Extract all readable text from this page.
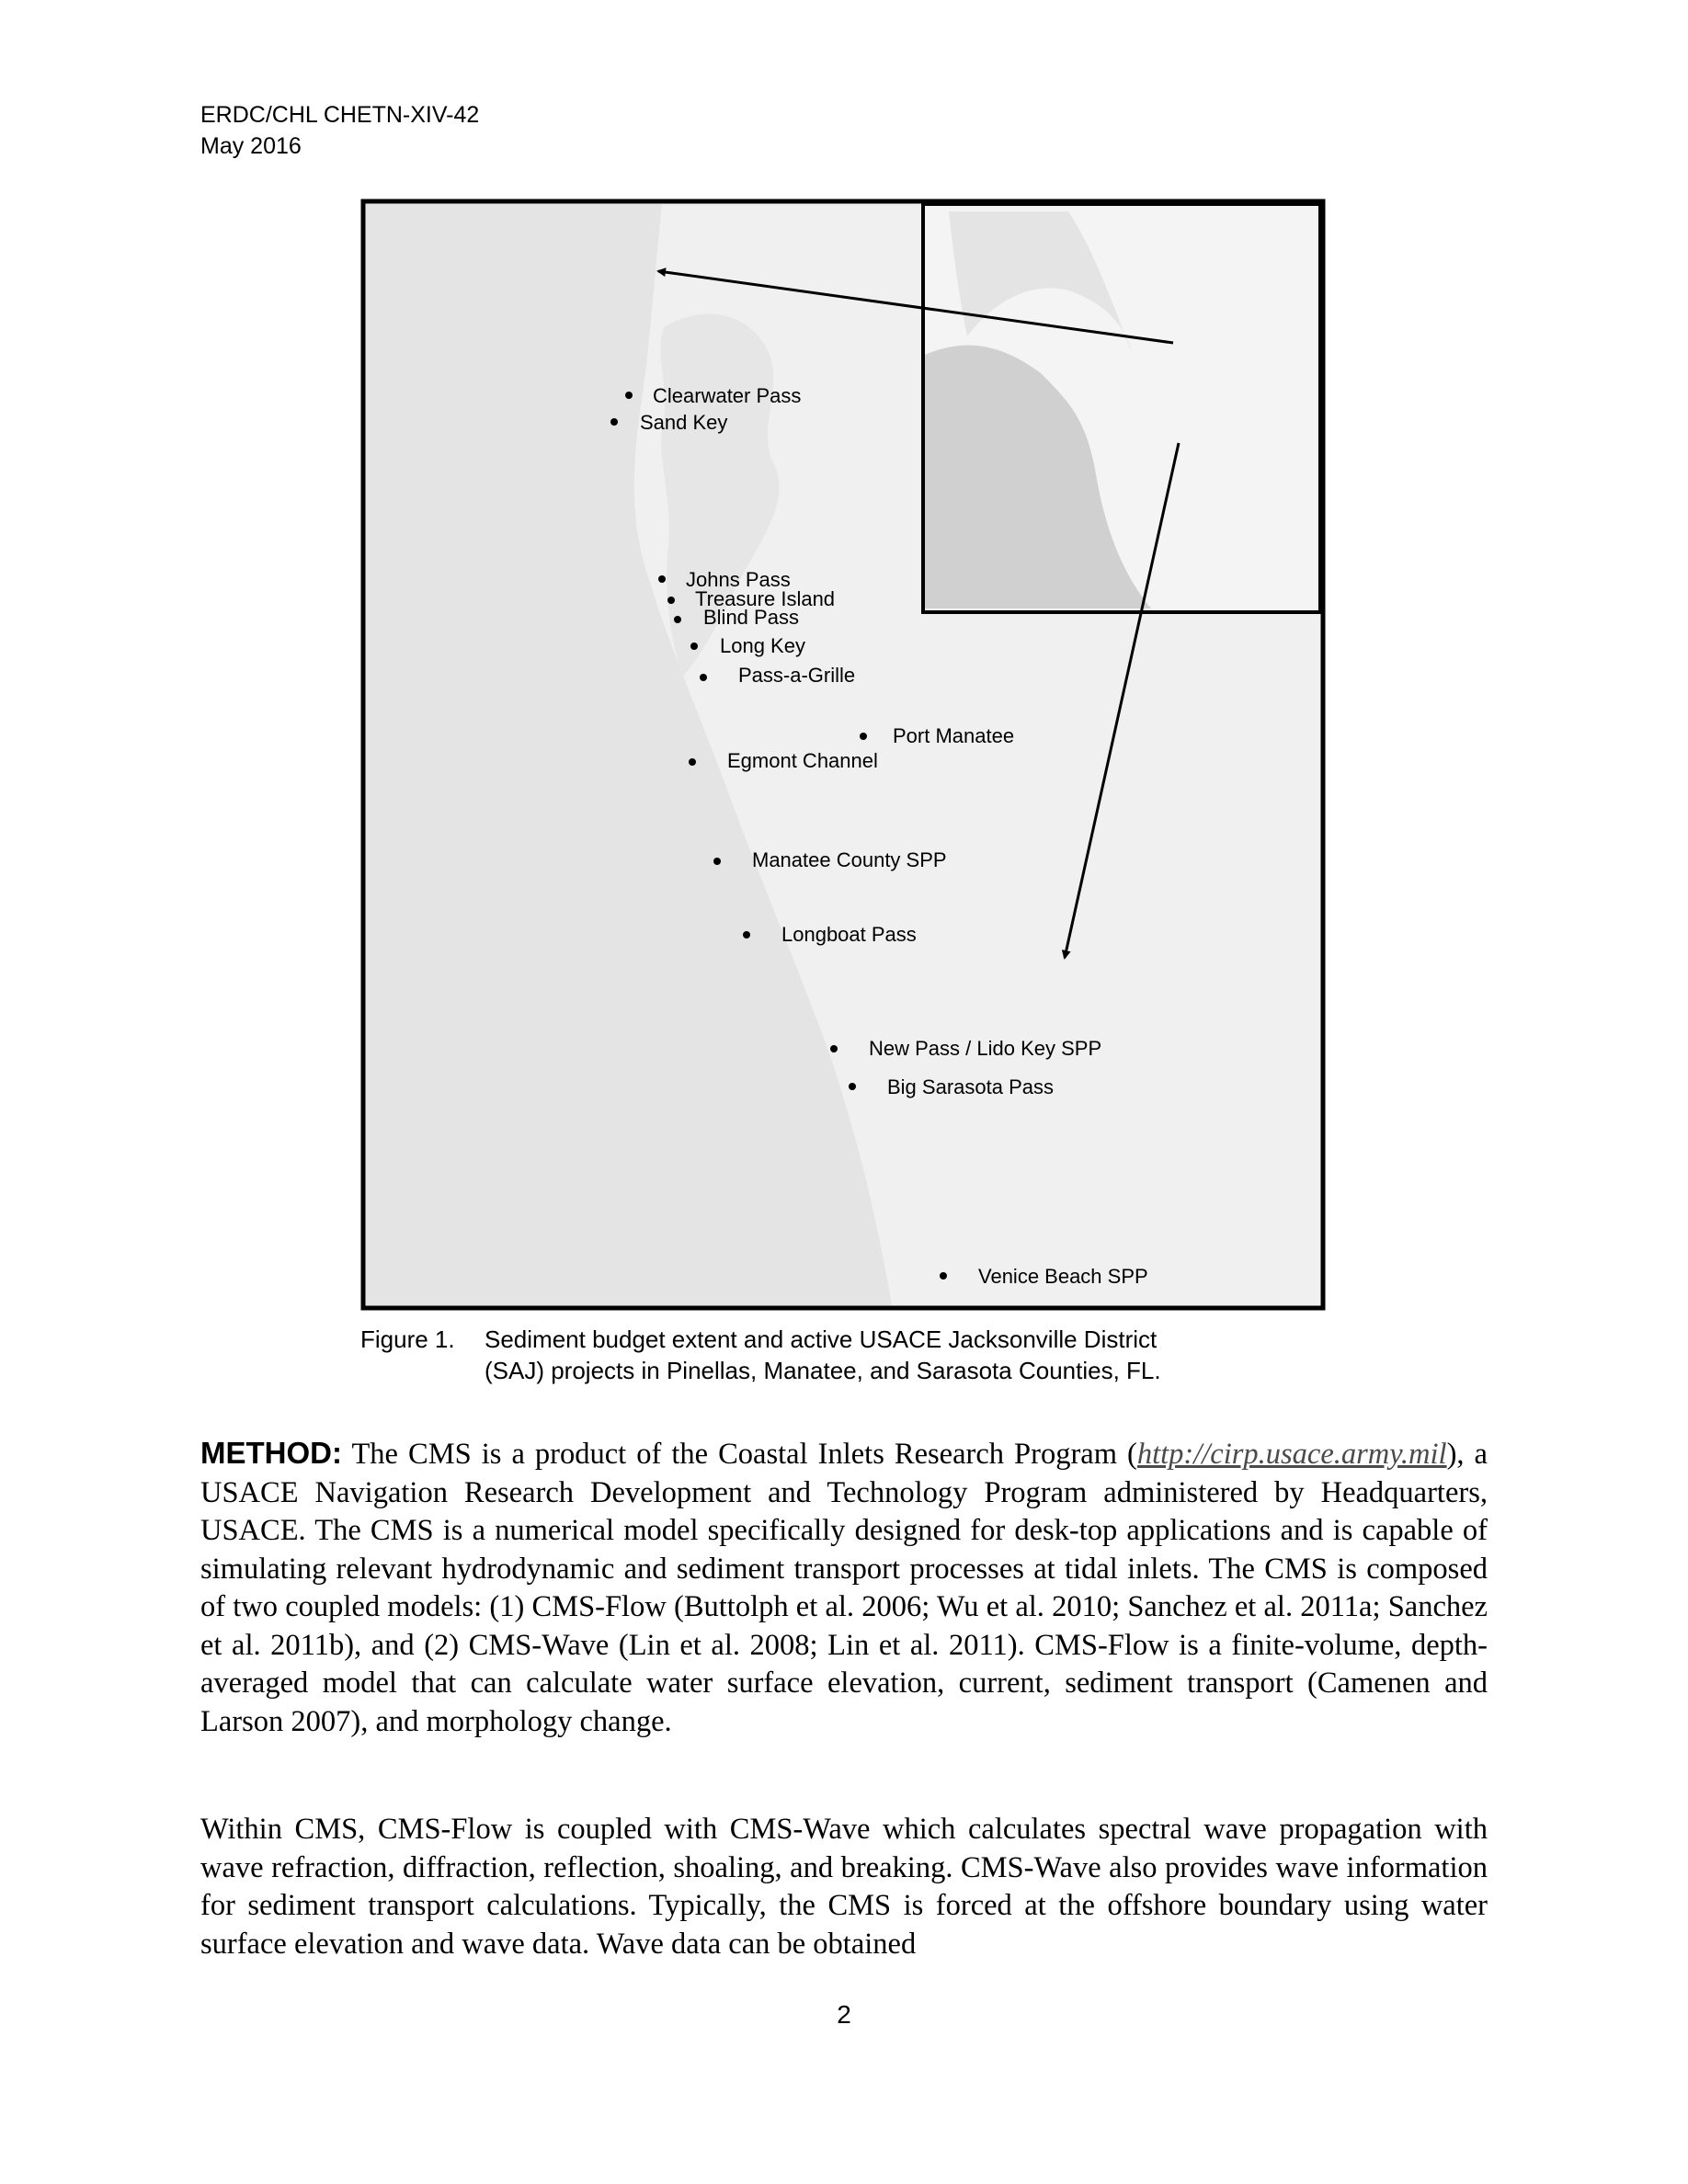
ERDC/CHL CHETN-XIV-42
May 2016
Clearwater Pass
Sand Key
Johns Pass
Treasure Island
Blind Pass
Long Key
Pass-a-Grille
Port Manatee
Egmont Channel
Manatee County SPP
Longboat Pass
New Pass / Lido Key SPP
Big Sarasota Pass
Venice Beach SPP
Figure 1. Sediment budget extent and active USACE Jacksonville District
(SAJ) projects in Pinellas, Manatee, and Sarasota Counties, FL.
METHOD: The CMS is a product of the Coastal Inlets Research Program (http://cirp.usace.army.mil), a USACE Navigation Research Development and Technology Program administered by Headquarters, USACE. The CMS is a numerical model specifically designed for desk-top applications and is capable of simulating relevant hydrodynamic and sediment transport processes at tidal inlets. The CMS is composed of two coupled models: (1) CMS-Flow (Buttolph et al. 2006; Wu et al. 2010; Sanchez et al. 2011a; Sanchez et al. 2011b), and (2) CMS-Wave (Lin et al. 2008; Lin et al. 2011). CMS-Flow is a finite-volume, depth-averaged model that can calculate water surface elevation, current, sediment transport (Camenen and Larson 2007), and morphology change.
Within CMS, CMS-Flow is coupled with CMS-Wave which calculates spectral wave propagation with wave refraction, diffraction, reflection, shoaling, and breaking. CMS-Wave also provides wave information for sediment transport calculations. Typically, the CMS is forced at the offshore boundary using water surface elevation and wave data. Wave data can be obtained
2
